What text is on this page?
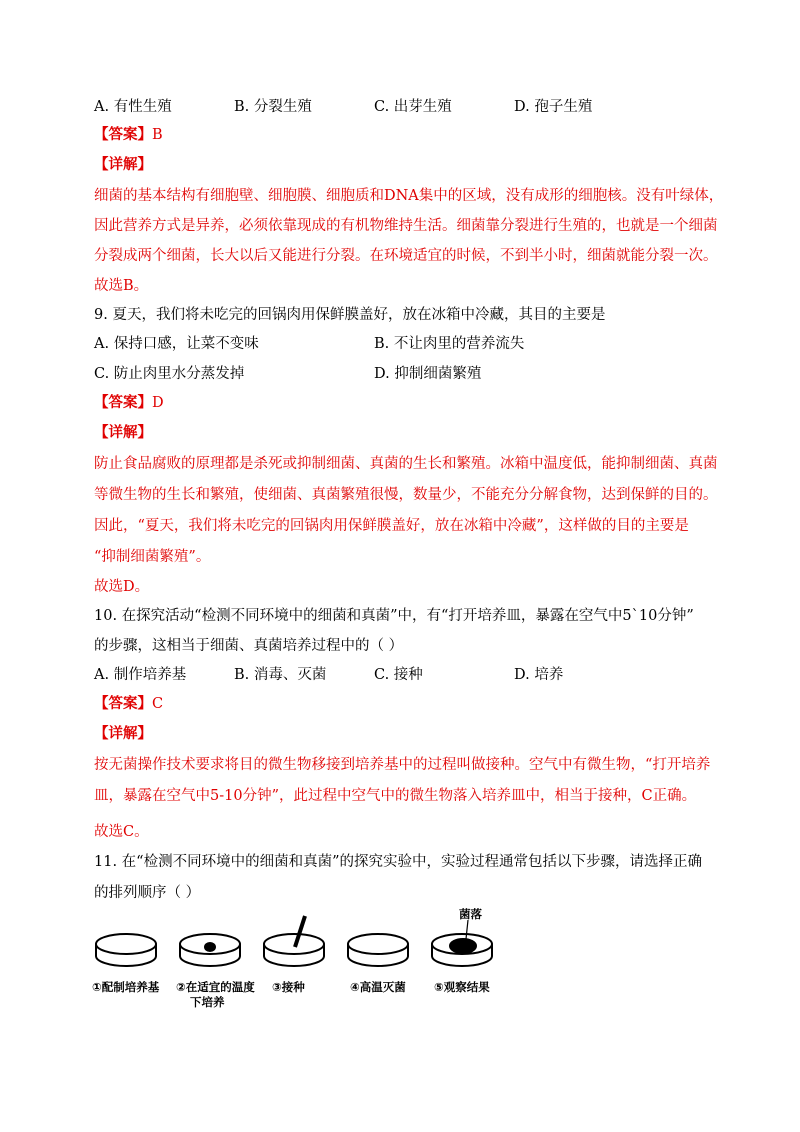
A. 有性生殖	B. 分裂生殖	C. 出芽生殖	D. 孢子生殖
【答案】B
【详解】
细菌的基本结构有细胞壁、细胞膜、细胞质和DNA集中的区域，没有成形的细胞核。没有叶绿体，
因此营养方式是异养，必须依靠现成的有机物维持生活。细菌靠分裂进行生殖的，也就是一个细菌
分裂成两个细菌，长大以后又能进行分裂。在环境适宜的时候，不到半小时，细菌就能分裂一次。
故选B。
9. 夏天，我们将未吃完的回锅肉用保鲜膜盖好，放在冰箱中冷藏，其目的主要是
A. 保持口感，让菜不变味	B. 不让肉里的营养流失
C. 防止肉里水分蒸发掉	D. 抑制细菌繁殖
【答案】D
【详解】
防止食品腐败的原理都是杀死或抑制细菌、真菌的生长和繁殖。冰箱中温度低，能抑制细菌、真菌
等微生物的生长和繁殖，使细菌、真菌繁殖很慢，数量少，不能充分分解食物，达到保鲜的目的。
因此，“夏天，我们将未吃完的回锅肉用保鲜膜盖好，放在冰箱中冷藏”，这样做的目的主要是
“抑制细菌繁殖”。
故选D。
10. 在探究活动“检测不同环境中的细菌和真菌”中，有“打开培养皿，暴露在空气中5`10分钟”
的步骤，这相当于细菌、真菌培养过程中的（ ）
A. 制作培养基	B. 消毒、灭菌	C. 接种	D. 培养
【答案】C
【详解】
按无菌操作技术要求将目的微生物移接到培养基中的过程叫做接种。空气中有微生物，“打开培养
皿，暴露在空气中5-10分钟”，此过程中空气中的微生物落入培养皿中，相当于接种，C正确。
故选C。
11. 在“检测不同环境中的细菌和真菌”的探究实验中，实验过程通常包括以下步骤，请选择正确
的排列顺序（ ）
菌落
①配制培养基 ②在适宜的温度
下培养
③接种	④高温灭菌 ⑤观察结果
